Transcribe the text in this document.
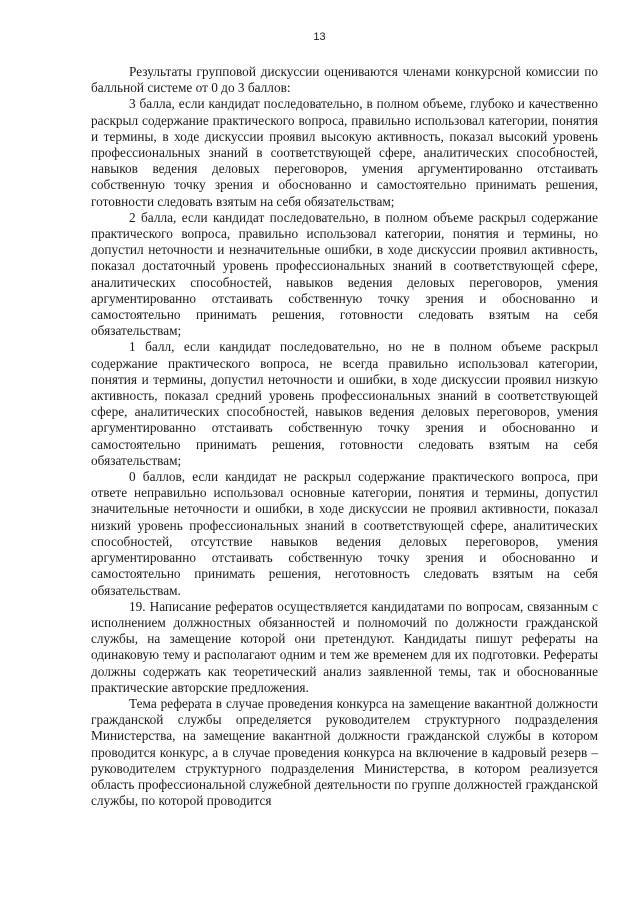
13

Результаты групповой дискуссии оцениваются членами конкурсной комиссии по балльной системе от 0 до 3 баллов:

3 балла, если кандидат последовательно, в полном объеме, глубоко и качественно раскрыл содержание практического вопроса, правильно использовал категории, понятия и термины, в ходе дискуссии проявил высокую активность, показал высокий уровень профессиональных знаний в соответствующей сфере, аналитических способностей, навыков ведения деловых переговоров, умения аргументированно отстаивать собственную точку зрения и обоснованно и самостоятельно принимать решения, готовности следовать взятым на себя обязательствам;

2 балла, если кандидат последовательно, в полном объеме раскрыл содержание практического вопроса, правильно использовал категории, понятия и термины, но допустил неточности и незначительные ошибки, в ходе дискуссии проявил активность, показал достаточный уровень профессиональных знаний в соответствующей сфере, аналитических способностей, навыков ведения деловых переговоров, умения аргументированно отстаивать собственную точку зрения и обоснованно и самостоятельно принимать решения, готовности следовать взятым на себя обязательствам;

1 балл, если кандидат последовательно, но не в полном объеме раскрыл содержание практического вопроса, не всегда правильно использовал категории, понятия и термины, допустил неточности и ошибки, в ходе дискуссии проявил низкую активность, показал средний уровень профессиональных знаний в соответствующей сфере, аналитических способностей, навыков ведения деловых переговоров, умения аргументированно отстаивать собственную точку зрения и обоснованно и самостоятельно принимать решения, готовности следовать взятым на себя обязательствам;

0 баллов, если кандидат не раскрыл содержание практического вопроса, при ответе неправильно использовал основные категории, понятия и термины, допустил значительные неточности и ошибки, в ходе дискуссии не проявил активности, показал низкий уровень профессиональных знаний в соответствующей сфере, аналитических способностей, отсутствие навыков ведения деловых переговоров, умения аргументированно отстаивать собственную точку зрения и обоснованно и самостоятельно принимать решения, неготовность следовать взятым на себя обязательствам.

19. Написание рефератов осуществляется кандидатами по вопросам, связанным с исполнением должностных обязанностей и полномочий по должности гражданской службы, на замещение которой они претендуют. Кандидаты пишут рефераты на одинаковую тему и располагают одним и тем же временем для их подготовки. Рефераты должны содержать как теоретический анализ заявленной темы, так и обоснованные практические авторские предложения.

Тема реферата в случае проведения конкурса на замещение вакантной должности гражданской службы определяется руководителем структурного подразделения Министерства, на замещение вакантной должности гражданской службы в котором проводится конкурс, а в случае проведения конкурса на включение в кадровый резерв – руководителем структурного подразделения Министерства, в котором реализуется область профессиональной служебной деятельности по группе должностей гражданской службы, по которой проводится
